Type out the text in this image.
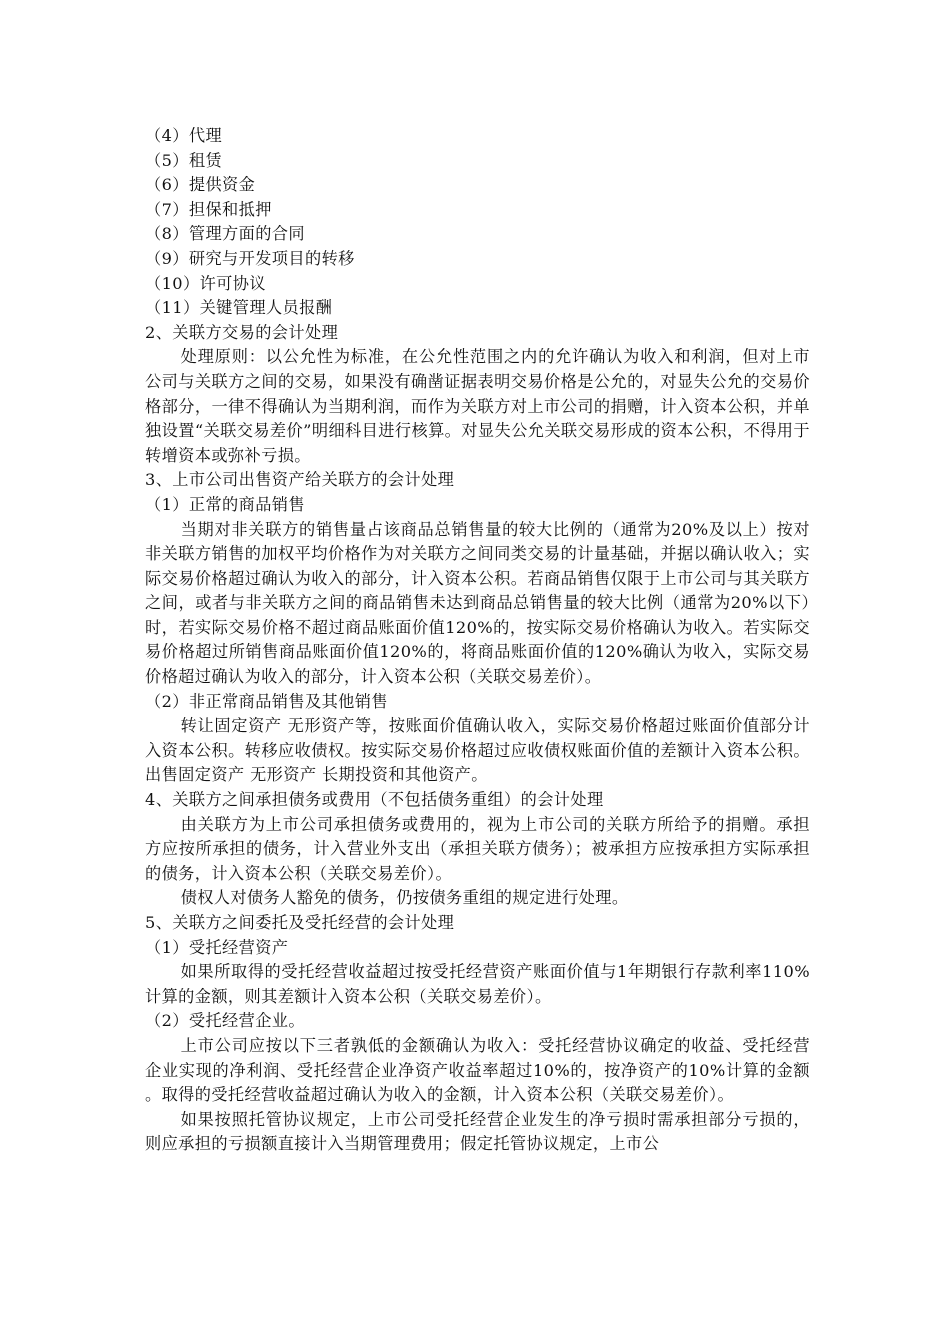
（4）代理

（5）租赁

（6）提供资金

（7）担保和抵押

（8）管理方面的合同

（9）研究与开发项目的转移

（10）许可协议

（11）关键管理人员报酬

2、关联方交易的会计处理

处理原则：以公允性为标准，在公允性范围之内的允许确认为收入和利润，但对上市公司与关联方之间的交易，如果没有确凿证据表明交易价格是公允的，对显失公允的交易价格部分，一律不得确认为当期利润，而作为关联方对上市公司的捐赠，计入资本公积，并单独设置“关联交易差价”明细科目进行核算。对显失公允关联交易形成的资本公积，不得用于转增资本或弥补亏损。

3、上市公司出售资产给关联方的会计处理

（1）正常的商品销售

当期对非关联方的销售量占该商品总销售量的较大比例的（通常为20%及以上）按对非关联方销售的加权平均价格作为对关联方之间同类交易的计量基础，并据以确认收入；实际交易价格超过确认为收入的部分，计入资本公积。若商品销售仅限于上市公司与其关联方之间，或者与非关联方之间的商品销售未达到商品总销售量的较大比例（通常为20%以下）时，若实际交易价格不超过商品账面价值120%的，按实际交易价格确认为收入。若实际交易价格超过所销售商品账面价值120%的，将商品账面价值的120%确认为收入，实际交易价格超过确认为收入的部分，计入资本公积（关联交易差价）。

（2）非正常商品销售及其他销售

转让固定资产 无形资产等，按账面价值确认收入，实际交易价格超过账面价值部分计入资本公积。转移应收债权。按实际交易价格超过应收债权账面价值的差额计入资本公积。出售固定资产 无形资产 长期投资和其他资产。

4、关联方之间承担债务或费用（不包括债务重组）的会计处理

由关联方为上市公司承担债务或费用的，视为上市公司的关联方所给予的捐赠。承担方应按所承担的债务，计入营业外支出（承担关联方债务）；被承担方应按承担方实际承担的债务，计入资本公积（关联交易差价）。

债权人对债务人豁免的债务，仍按债务重组的规定进行处理。

5、关联方之间委托及受托经营的会计处理

（1）受托经营资产

如果所取得的受托经营收益超过按受托经营资产账面价值与1年期银行存款利率110%计算的金额，则其差额计入资本公积（关联交易差价）。

（2）受托经营企业。

上市公司应按以下三者孰低的金额确认为收入：受托经营协议确定的收益、受托经营企业实现的净利润、受托经营企业净资产收益率超过10%的，按净资产的10%计算的金额 。取得的受托经营收益超过确认为收入的金额，计入资本公积（关联交易差价）。

如果按照托管协议规定，上市公司受托经营企业发生的净亏损时需承担部分亏损的，则应承担的亏损额直接计入当期管理费用；假定托管协议规定，上市公
